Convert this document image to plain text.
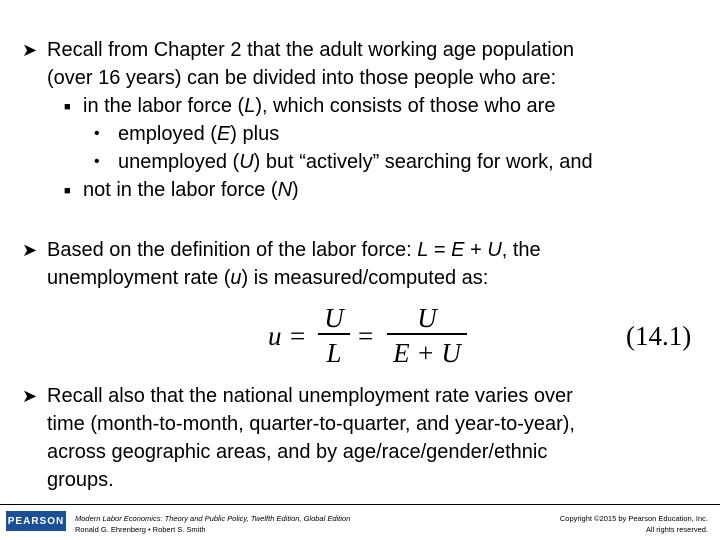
➤ Recall from Chapter 2 that the adult working age population
(over 16 years) can be divided into those people who are:
■ in the labor force (L), which consists of those who are
• employed (E) plus
• unemployed (U) but “actively” searching for work, and
■ not in the labor force (N)
➤ Based on the definition of the labor force: L = E + U, the
unemployment rate (u) is measured/computed as:
u =
U
L
=
U
E + U
(14.1)
➤ Recall also that the national unemployment rate varies over
time (month-to-month, quarter-to-quarter, and year-to-year),
across geographic areas, and by age/race/gender/ethnic
groups.
PEARSON Modern Labor Economics: Theory and Public Policy, Twelfth Edition, Global Edition
Ronald G. Ehrenberg • Robert S. Smith
Copyright ©2015 by Pearson Education, Inc.
All rights reserved.
